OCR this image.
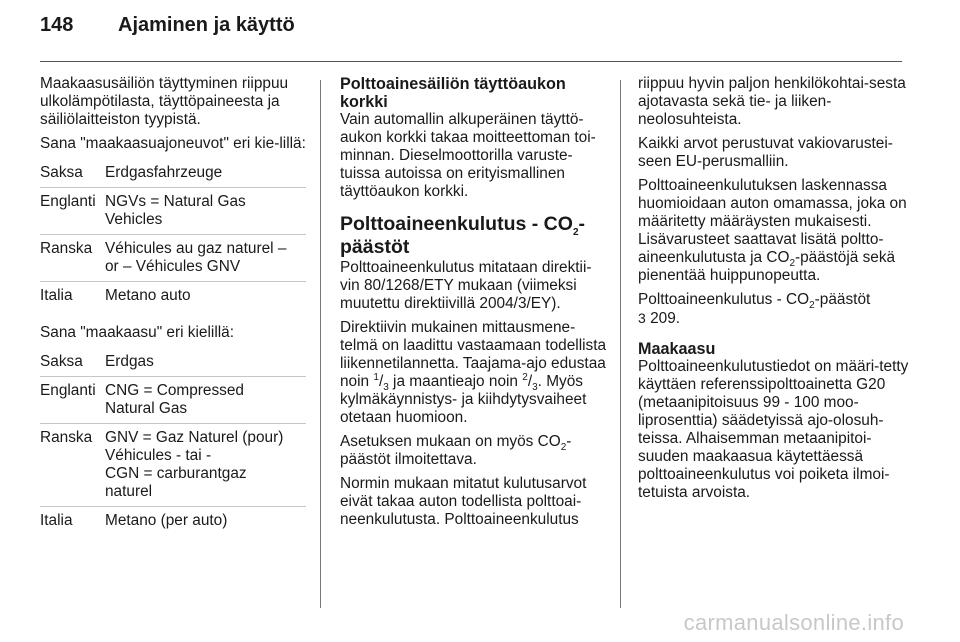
148 Ajaminen ja käyttö

Maakaasusäiliön täyttyminen riippuu ulkolämpötilasta, täyttöpaineesta ja säiliölaitteiston tyypistä.

Sana "maakaasuajoneuvot" eri kie-lillä:

Saksa	Erdgasfahrzeuge
Englanti NGVs = Natural Gas
Vehicles
Ranska Véhicules au gaz naturel –
or – Véhicules GNV
Italia	Metano auto

Sana "maakaasu" eri kielillä:

Saksa	Erdgas
Englanti CNG = Compressed
Natural Gas
Ranska GNV = Gaz Naturel (pour)
Véhicules - tai -
CGN = carburantgaz
naturel
Italia	Metano (per auto)

Polttoainesäiliön täyttöaukon korkki

Vain automallin alkuperäinen täyttö-aukon korkki takaa moitteettoman toi-minnan. Dieselmoottorilla varuste-tuissa autoissa on erityismallinen täyttöaukon korkki.

Polttoaineenkulutus - $CO_2$-päästöt

Polttoaineenkulutus mitataan direktii-vin 80/1268/ETY mukaan (viimeksi muutettu direktiivillä 2004/3/EY).

Direktiivin mukainen mittausmene-telmä on laadittu vastaamaan todellista liikennetilannetta. Taajama-ajo edustaa noin $^1/_3$ ja maantieajo noin $^2/_3$. Myös kylmäkäynnistys- ja kiihdytysvaiheet otetaan huomioon.

Asetuksen mukaan on myös $CO_2$-päästöt ilmoitettava.

Normin mukaan mitatut kulutusarvot eivät takaa auton todellista polttoai-neenkulutusta. Polttoaineenkulutus

riippuu hyvin paljon henkilökohtai-sesta ajotavasta sekä tie- ja liiken-neolosuhteista.

Kaikki arvot perustuvat vakiovarustei-seen EU-perusmalliin.

Polttoaineenkulutuksen laskennassa huomioidaan auton omamassa, joka on määritetty määräysten mukaisesti. Lisävarusteet saattavat lisätä poltto-aineenkulutusta ja $CO_2$-päästöjä sekä pienentää huippunopeutta.

Polttoaineenkulutus - $CO_2$-päästöt
3 209.

Maakaasu

Polttoaineenkulutustiedot on määri-tetty käyttäen referenssipolttoainetta G20 (metaanipitoisuus 99 - 100 moo-liprosenttia) säädetyissä ajo-olosuh-teissa. Alhaisemman metaanipitoi-suuden maakaasua käytettäessä polttoaineenkulutus voi poiketa ilmoi-tetuista arvoista.

carmanualsonline.info
